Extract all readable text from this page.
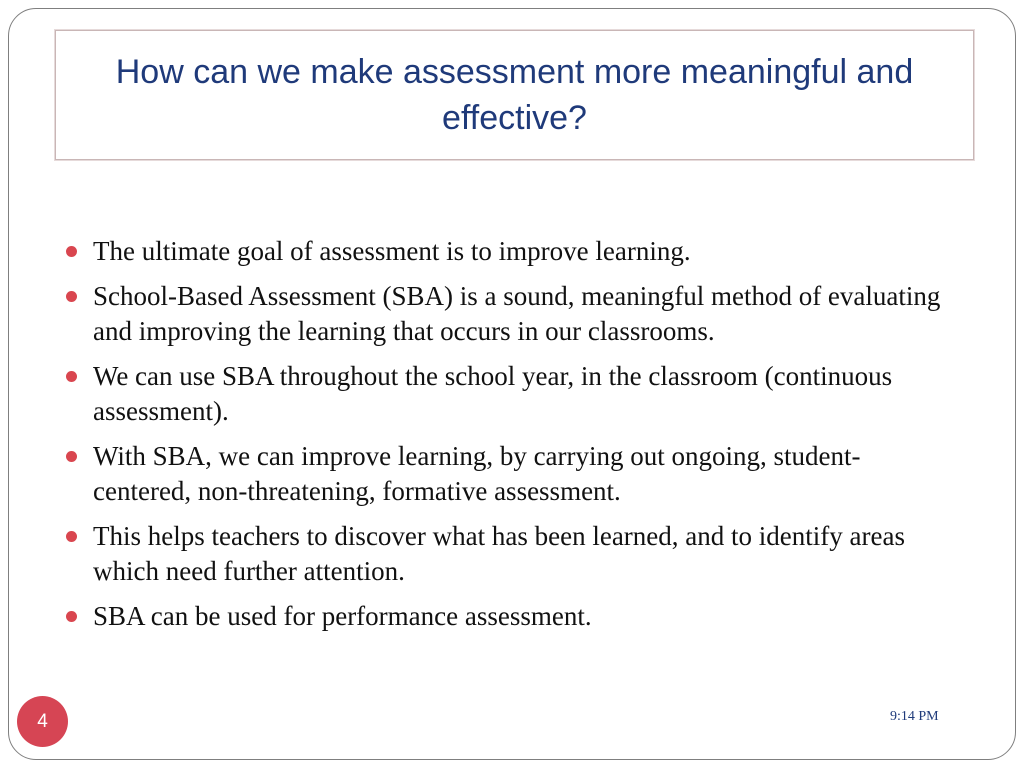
How can we make assessment more meaningful and effective?
The ultimate goal of assessment is to improve learning.
School-Based Assessment (SBA) is a sound, meaningful method of evaluating and improving the learning that occurs in our classrooms.
We can use SBA throughout the school year, in the classroom (continuous assessment).
With SBA, we can improve learning, by carrying out ongoing, student-centered, non-threatening, formative assessment.
This helps teachers to discover what has been learned, and to identify areas which need further attention.
SBA can be used for performance assessment.
4	9:14 PM
